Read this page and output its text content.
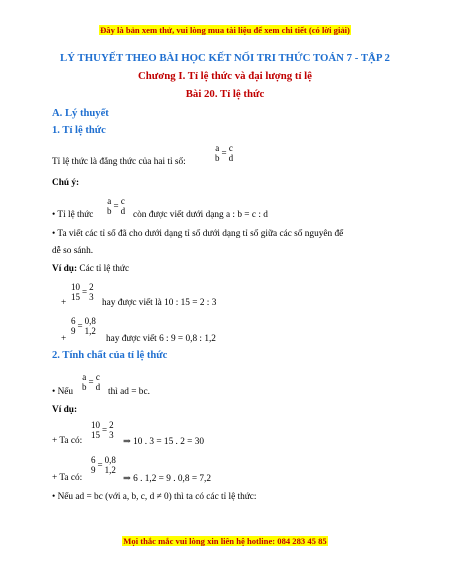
Đây là bản xem thử, vui lòng mua tài liệu để xem chi tiết (có lời giải)
LÝ THUYẾT THEO BÀI HỌC KẾT NỐI TRI THỨC TOÁN 7 - TẬP 2
Chương I. Tỉ lệ thức và đại lượng tỉ lệ
Bài 20. Tỉ lệ thức
A. Lý thuyết
1. Tỉ lệ thức
Tỉ lệ thức là đẳng thức của hai tỉ số:
a
b = c
d
Chú ý:
• Tỉ lệ thức
a
b = c
d còn được viết dưới dạng a : b = c : d
• Ta viết các tỉ số đã cho dưới dạng tỉ số dưới dạng tỉ số giữa các số nguyên để
dễ so sánh.
Ví dụ: Các tỉ lệ thức
+
10
15 = 2
3
hay được viết là 10 : 15 = 2 : 3
+
6
9 = 0,8
1,2
hay được viết 6 : 9 = 0,8 : 1,2
2. Tính chất của tỉ lệ thức
• Nếu
a
b = c
d thì ad = bc.
Ví dụ:
+ Ta có:
10
15 = 2
3
⇒ 10 . 3 = 15 . 2 = 30
+ Ta có:
6
9 = 0,8
1,2
⇒ 6 . 1,2 = 9 . 0,8 = 7,2
• Nếu ad = bc (với a, b, c, d ≠ 0) thì ta có các tỉ lệ thức:
Mọi thắc mắc vui lòng xin liên hệ hotline: 084 283 45 85
